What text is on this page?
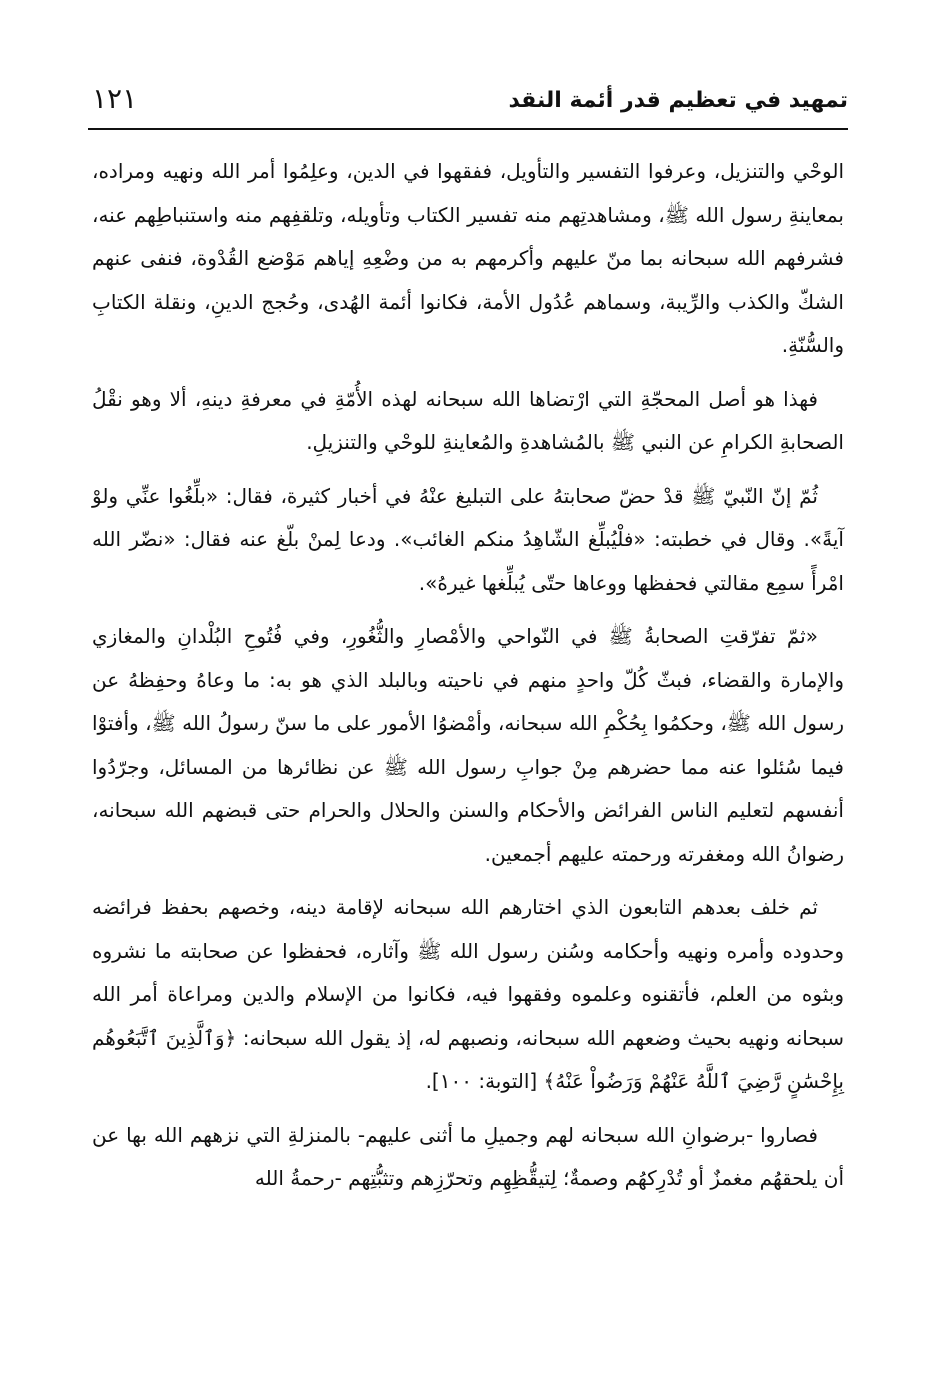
تمهيد في تعظيم قدر أئمة النقد
١٢١

الوحْي والتنزيل، وعرفوا التفسير والتأويل، ففقهوا في الدين، وعلِمُوا أمر الله ونهيه ومراده، بمعاينةِ رسول الله ﷺ، ومشاهدتِهم منه تفسير الكتاب وتأويله، وتلقفِهم منه واستنباطِهم عنه، فشرفهم الله سبحانه بما منّ عليهم وأكرمهم به من وضْعِهِ إياهم مَوْضع القُدْوة، فنفى عنهم الشكّ والكذب والرِّيبة، وسماهم عُدُول الأمة، فكانوا أئمة الهُدى، وحُجج الدينِ، ونقلة الكتابِ والسُّنّةِ.

فهذا هو أصل المحجّةِ التي ارْتضاها الله سبحانه لهذه الأُمّةِ في معرفةِ دينهِ، ألا وهو نقْلُ الصحابةِ الكرامِ عن النبي ﷺ بالمُشاهدةِ والمُعاينةِ للوحْي والتنزيلِ.

ثُمّ إنّ النّبيّ ﷺ قدْ حضّ صحابتهُ على التبليغ عنْهُ في أخبار كثيرة، فقال: «بلِّغُوا عنِّي ولوْ آيةً». وقال في خطبته: «فلْيُبلِّغ الشّاهِدُ منكم الغائب». ودعا لِمنْ بلّغ عنه فقال: «نضّر الله امْرأً سمِع مقالتي فحفظها ووعاها حتّى يُبلِّغها غيرهُ».

«ثمّ تفرّقتِ الصحابةُ ﷺ في النّواحي والأمْصارِ والثُّغُورِ، وفي فُتُوحِ البُلْدانِ والمغازي والإمارة والقضاء، فبثّ كُلّ واحدٍ منهم في ناحيته وبالبلد الذي هو به: ما وعاهُ وحفِظهُ عن رسول الله ﷺ، وحكمُوا بِحُكْمِ الله سبحانه، وأمْضوُا الأمور على ما سنّ رسولُ الله ﷺ، وأفتوْا فيما سُئلوا عنه مما حضرهم مِنْ جوابِ رسول الله ﷺ عن نظائرها من المسائل، وجرّدُوا أنفسهم لتعليم الناس الفرائض والأحكام والسنن والحلال والحرام حتى قبضهم الله سبحانه، رضوانُ الله ومغفرته ورحمته عليهم أجمعين.

ثم خلف بعدهم التابعون الذي اختارهم الله سبحانه لإقامة دينه، وخصهم بحفظ فرائضه وحدوده وأمره ونهيه وأحكامه وسُنن رسول الله ﷺ وآثاره، فحفظوا عن صحابته ما نشروه وبثوه من العلم، فأتقنوه وعلموه وفقهوا فيه، فكانوا من الإسلام والدين ومراعاة أمر الله سبحانه ونهيه بحيث وضعهم الله سبحانه، ونصبهم له، إذ يقول الله سبحانه: ﴿وَٱلَّذِينَ ٱتَّبَعُوهُم بِإِحْسَٰنٍ رَّضِيَ ٱللَّهُ عَنْهُمْ وَرَضُواْ عَنْهُ﴾ [التوبة: ١٠٠].

فصاروا -برضوانِ الله سبحانه لهم وجميلِ ما أثنى عليهم- بالمنزلةِ التي نزههم الله بها عن أن يلحقهُم مغمزٌ أو تُدْرِكهُم وصمةٌ؛ لِتيقُّظِهِم وتحرّزِهم وتثبُّتِهم -رحمةُ الله
